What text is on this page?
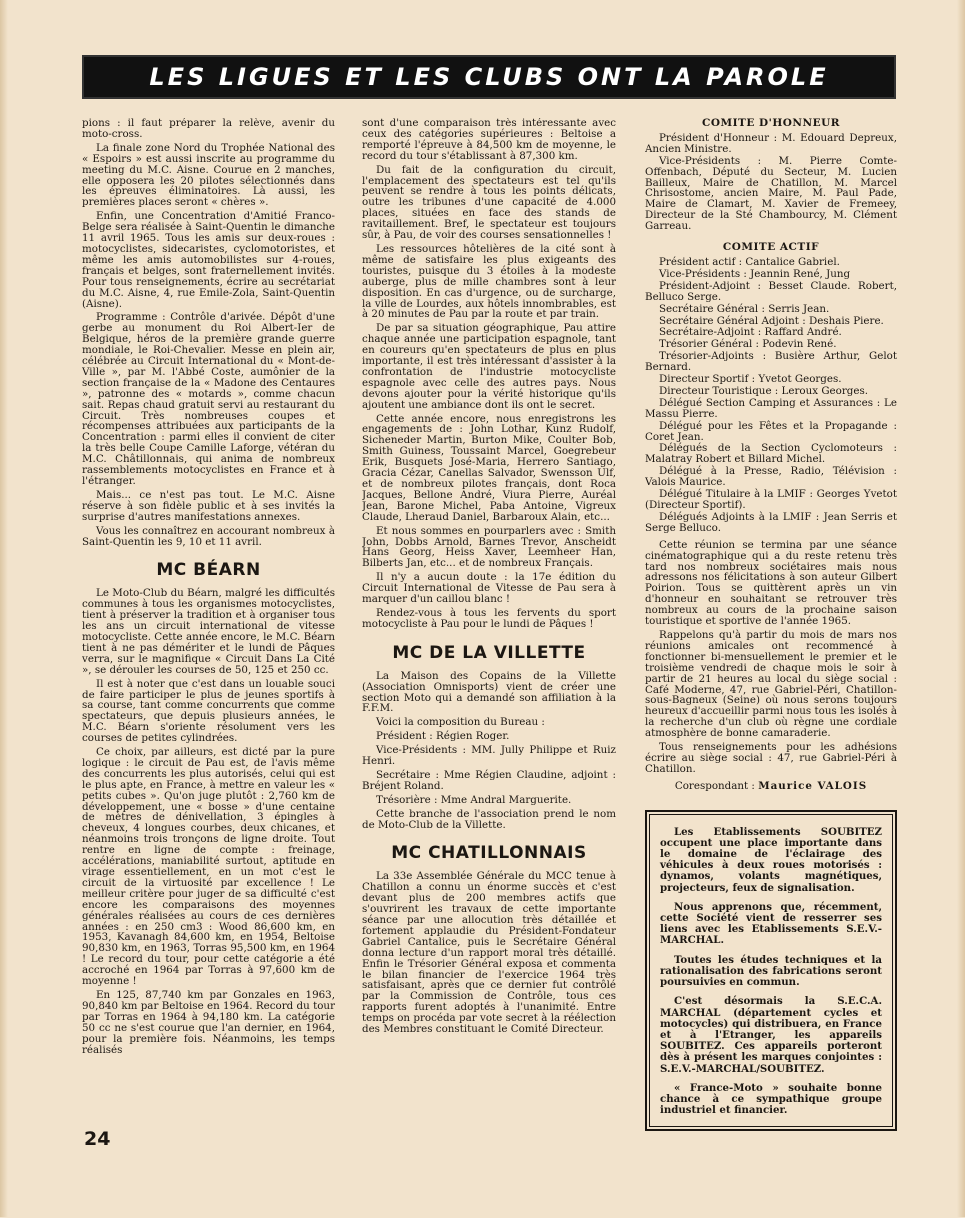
LES LIGUES ET LES CLUBS ONT LA PAROLE

pions : il faut préparer la relève, avenir du moto-cross.

La finale zone Nord du Trophée National des « Espoirs » est aussi inscrite au programme du meeting du M.C. Aisne. Courue en 2 manches, elle opposera les 20 pilotes sélectionnés dans les épreuves éliminatoires. Là aussi, les premières places seront « chères ».

Enfin, une Concentration d'Amitié Franco-Belge sera réalisée à Saint-Quentin le dimanche 11 avril 1965. Tous les amis sur deux-roues : motocyclistes, sidecaristes, cyclomotoristes, et même les amis automobilistes sur 4-roues, français et belges, sont fraternellement invités. Pour tous renseignements, écrire au secrétariat du M.C. Aisne, 4, rue Emile-Zola, Saint-Quentin (Aisne).

Programme : Contrôle d'arivée. Dépôt d'une gerbe au monument du Roi Albert-Ier de Belgique, héros de la première grande guerre mondiale, le Roi-Chevalier. Messe en plein air, célébrée au Circuit International du « Mont-de-Ville », par M. l'Abbé Coste, aumônier de la section française de la « Madone des Centaures », patronne des « motards », comme chacun sait. Repas chaud gratuit servi au restaurant du Circuit. Très nombreuses coupes et récompenses attribuées aux participants de la Concentration : parmi elles il convient de citer la très belle Coupe Camille Laforge, vétéran du M.C. Châtillonnais, qui anima de nombreux rassemblements motocyclistes en France et à l'étranger.

Mais... ce n'est pas tout. Le M.C. Aisne réserve à son fidèle public et à ses invités la surprise d'autres manifestations annexes.

Vous les connaîtrez en accourant nombreux à Saint-Quentin les 9, 10 et 11 avril.

MC BÉARN

Le Moto-Club du Béarn, malgré les difficultés communes à tous les organismes motocyclistes, tient à préserver la tradition et à organiser tous les ans un circuit international de vitesse motocycliste. Cette année encore, le M.C. Béarn tient à ne pas démériter et le lundi de Pâques verra, sur le magnifique « Circuit Dans La Cité », se dérouler les courses de 50, 125 et 250 cc.

Il est à noter que c'est dans un louable souci de faire participer le plus de jeunes sportifs à sa course, tant comme concurrents que comme spectateurs, que depuis plusieurs années, le M.C. Béarn s'oriente résolument vers les courses de petites cylindrées.

Ce choix, par ailleurs, est dicté par la pure logique : le circuit de Pau est, de l'avis même des concurrents les plus autorisés, celui qui est le plus apte, en France, à mettre en valeur les « petits cubes ». Qu'on juge plutôt : 2,760 km de développement, une « bosse » d'une centaine de mètres de dénivellation, 3 épingles à cheveux, 4 longues courbes, deux chicanes, et néanmoins trois tronçons de ligne droite. Tout rentre en ligne de compte : freinage, accélérations, maniabilité surtout, aptitude en virage essentiellement, en un mot c'est le circuit de la virtuosité par excellence ! Le meilleur critère pour juger de sa difficulté c'est encore les comparaisons des moyennes générales réalisées au cours de ces dernières années : en 250 cm3 : Wood 86,600 km, en 1953, Kavanagh 84,600 km, en 1954, Beltoise 90,830 km, en 1963, Torras 95,500 km, en 1964 ! Le record du tour, pour cette catégorie a été accroché en 1964 par Torras à 97,600 km de moyenne !

En 125, 87,740 km par Gonzales en 1963, 90,840 km par Beltoise en 1964. Record du tour par Torras en 1964 à 94,180 km. La catégorie 50 cc ne s'est courue que l'an dernier, en 1964, pour la première fois. Néanmoins, les temps réalisés

sont d'une comparaison très intéressante avec ceux des catégories supérieures : Beltoise a remporté l'épreuve à 84,500 km de moyenne, le record du tour s'établissant à 87,300 km.

Du fait de la configuration du circuit, l'emplacement des spectateurs est tel qu'ils peuvent se rendre à tous les points délicats, outre les tribunes d'une capacité de 4.000 places, situées en face des stands de ravitaillement. Bref, le spectateur est toujours sûr, à Pau, de voir des courses sensationnelles !

Les ressources hôtelières de la cité sont à même de satisfaire les plus exigeants des touristes, puisque du 3 étoiles à la modeste auberge, plus de mille chambres sont à leur disposition. En cas d'urgence, ou de surcharge, la ville de Lourdes, aux hôtels innombrables, est à 20 minutes de Pau par la route et par train.

De par sa situation géographique, Pau attire chaque année une participation espagnole, tant en coureurs qu'en spectateurs de plus en plus importante, il est très intéressant d'assister à la confrontation de l'industrie motocycliste espagnole avec celle des autres pays. Nous devons ajouter pour la vérité historique qu'ils ajoutent une ambiance dont ils ont le secret.

Cette année encore, nous enregistrons les engagements de : John Lothar, Kunz Rudolf, Sicheneder Martin, Burton Mike, Coulter Bob, Smith Guiness, Toussaint Marcel, Goegrebeur Erik, Busquets José-Maria, Herrero Santiago, Gracia Cézar, Canellas Salvador, Swensson Ulf, et de nombreux pilotes français, dont Roca Jacques, Bellone André, Viura Pierre, Auréal Jean, Barone Michel, Paba Antoine, Vigreux Claude, Lheraud Daniel, Barbaroux Alain, etc...

Et nous sommes en pourparlers avec : Smith John, Dobbs Arnold, Barnes Trevor, Anscheidt Hans Georg, Heiss Xaver, Leemheer Han, Bilberts Jan, etc... et de nombreux Français.

Il n'y a aucun doute : la 17e édition du Circuit International de Vitesse de Pau sera à marquer d'un caillou blanc !

Rendez-vous à tous les fervents du sport motocycliste à Pau pour le lundi de Pâques !

MC DE LA VILLETTE

La Maison des Copains de la Villette (Association Omnisports) vient de créer une section Moto qui a demandé son affiliation à la F.F.M.

Voici la composition du Bureau :

Président : Régien Roger.

Vice-Présidents : MM. Jully Philippe et Ruiz Henri.

Secrétaire : Mme Régien Claudine, adjoint : Bréjent Roland.

Trésorière : Mme Andral Marguerite.

Cette branche de l'association prend le nom de Moto-Club de la Villette.

MC CHATILLONNAIS

La 33e Assemblée Générale du MCC tenue à Chatillon a connu un énorme succès et c'est devant plus de 200 membres actifs que s'ouvrirent les travaux de cette importante séance par une allocution très détaillée et fortement applaudie du Président-Fondateur Gabriel Cantalice, puis le Secrétaire Général donna lecture d'un rapport moral très détaillé. Enfin le Trésorier Général exposa et commenta le bilan financier de l'exercice 1964 très satisfaisant, après que ce dernier fut contrôlé par la Commission de Contrôle, tous ces rapports furent adoptés à l'unanimité. Entre temps on procéda par vote secret à la réélection des Membres constituant le Comité Directeur.

COMITE D'HONNEUR

Président d'Honneur : M. Edouard Depreux, Ancien Ministre.

Vice-Présidents : M. Pierre Comte-Offenbach, Député du Secteur, M. Lucien Bailleux, Maire de Chatillon, M. Marcel Chrisostome, ancien Maire, M. Paul Pade, Maire de Clamart, M. Xavier de Fremeey, Directeur de la Sté Chambourcy, M. Clément Garreau.

COMITE ACTIF

Président actif : Cantalice Gabriel.

Vice-Présidents : Jeannin René, Jung

Président-Adjoint : Besset Claude. Robert, Belluco Serge.

Secrétaire Général : Serris Jean.

Secrétaire Général Adjoint : Deshais Piere.

Secrétaire-Adjoint : Raffard André.

Trésorier Général : Podevin René.

Trésorier-Adjoints : Busière Arthur, Gelot Bernard.

Directeur Sportif : Yvetot Georges.

Directeur Touristique : Leroux Georges.

Délégué Section Camping et Assurances : Le Massu Pierre.

Délégué pour les Fêtes et la Propagande : Coret Jean.

Délégués de la Section Cyclomoteurs : Malatray Robert et Billard Michel.

Délégué à la Presse, Radio, Télévision : Valois Maurice.

Délégué Titulaire à la LMIF : Georges Yvetot (Directeur Sportif).

Délégués Adjoints à la LMIF : Jean Serris et Serge Belluco.

Cette réunion se termina par une séance cinématographique qui a du reste retenu très tard nos nombreux sociétaires mais nous adressons nos félicitations à son auteur Gilbert Poirion. Tous se quittèrent après un vin d'honneur en souhaitant se retrouver très nombreux au cours de la prochaine saison touristique et sportive de l'année 1965.

Rappelons qu'à partir du mois de mars nos réunions amicales ont recommencé à fonctionner bi-mensuellement le premier et le troisième vendredi de chaque mois le soir à partir de 21 heures au local du siège social : Café Moderne, 47, rue Gabriel-Péri, Chatillon-sous-Bagneux (Seine) où nous serons toujours heureux d'accueillir parmi nous tous les isolés à la recherche d'un club où règne une cordiale atmosphère de bonne camaraderie.

Tous renseignements pour les adhésions écrire au siège social : 47, rue Gabriel-Péri à Chatillon.

Corespondant : Maurice VALOIS

Les Etablissements SOUBITEZ occupent une place importante dans le domaine de l'éclairage des véhicules à deux roues motorisés : dynamos, volants magnétiques, projecteurs, feux de signalisation.

Nous apprenons que, récemment, cette Société vient de resserrer ses liens avec les Etablissements S.E.V.-MARCHAL.

Toutes les études techniques et la rationalisation des fabrications seront poursuivies en commun.

C'est désormais la S.E.C.A. MARCHAL (département cycles et motocycles) qui distribuera, en France et à l'Etranger, les appareils SOUBITEZ. Ces appareils porteront dès à présent les marques conjointes : S.E.V.-MARCHAL/SOUBITEZ.

« France-Moto » souhaite bonne chance à ce sympathique groupe industriel et financier.

24
